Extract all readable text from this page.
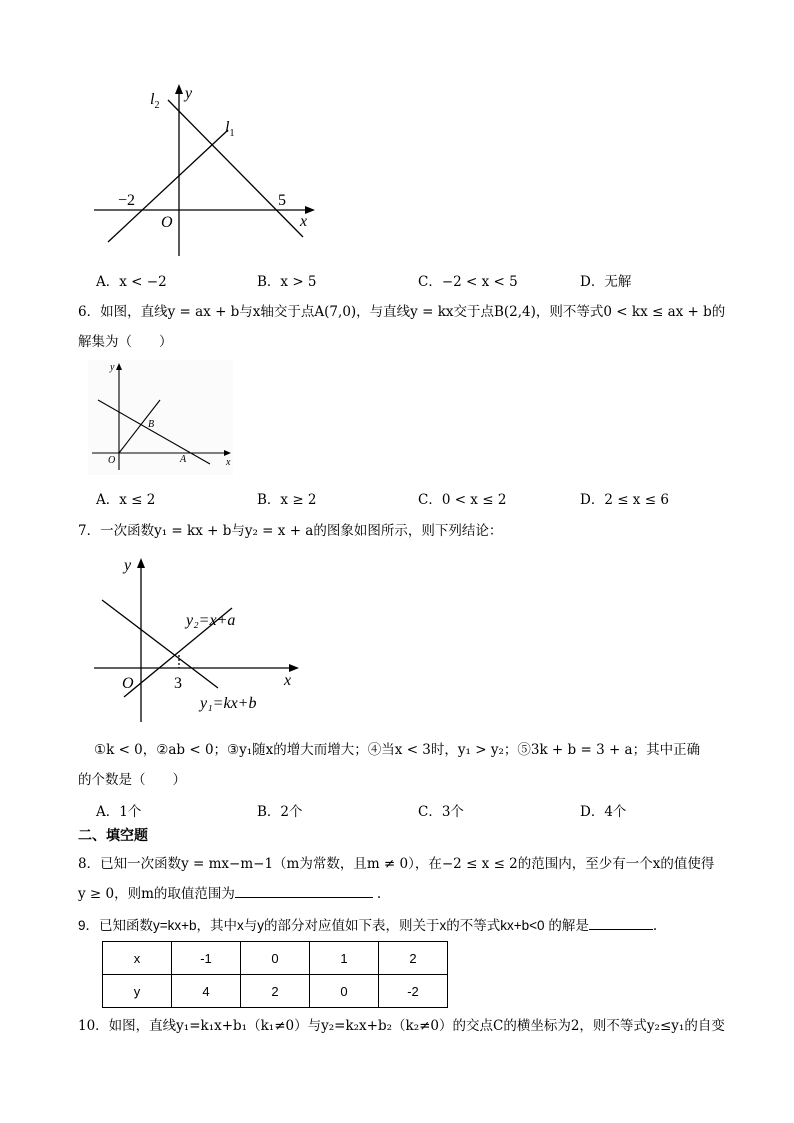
$l_2$
y
$l_1$
−2	5
O	x
A．x < −2	B．x > 5	C．−2 < x < 5	D．无解
6．如图，直线y = ax + b与x轴交于点A(7,0)，与直线y = kx交于点B(2,4)，则不等式0 < kx ≤ ax + b的
解集为（　　）
y
x
O
B
A
A．x ≤ 2	B．x ≥ 2	C．0 < x ≤ 2	D．2 ≤ x ≤ 6
7．一次函数y₁ = kx + b与y₂ = x + a的图象如图所示，则下列结论：
y
y₂=x+a
O	3	x
y₁=kx+b
①k < 0，②ab < 0；③y₁随x的增大而增大；④当x < 3时，y₁ > y₂；⑤3k + b = 3 + a；其中正确
的个数是（　　）
A．1个	B．2个	C．3个	D．4个
二、填空题
8．已知一次函数y = mx−m−1（m为常数，且m ≠ 0），在−2 ≤ x ≤ 2的范围内，至少有一个x的值使得
y ≥ 0，则m的取值范围为	.
9．已知函数y=kx+b，其中x与y的部分对应值如下表，则关于x的不等式kx+b<0 的解是	.
x	-1	0	1	2
y	4	2	0	-2
10．如图，直线y₁=k₁x+b₁（k₁≠0）与y₂=k₂x+b₂（k₂≠0）的交点C的横坐标为2，则不等式y₂≤y₁的自变
